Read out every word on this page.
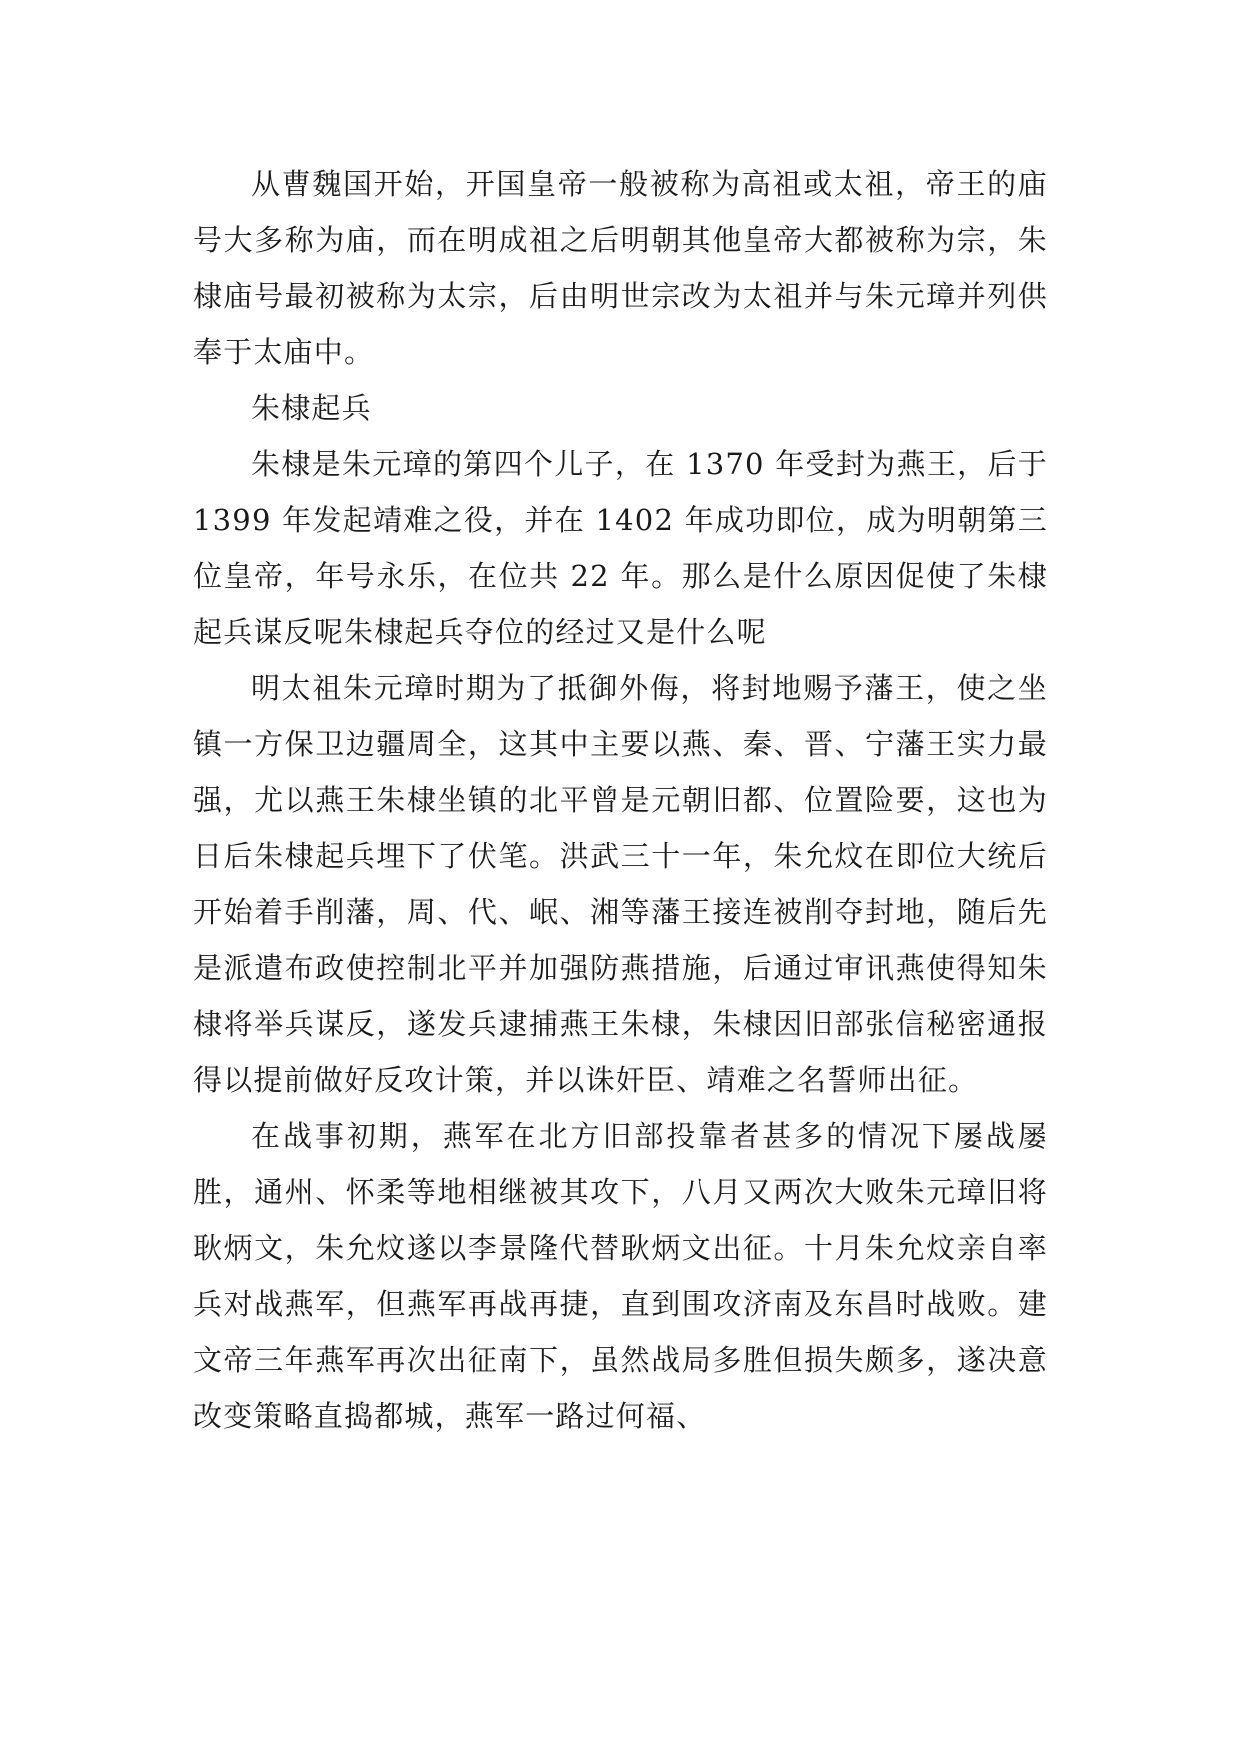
从曹魏国开始，开国皇帝一般被称为高祖或太祖，帝王的庙号大多称为庙，而在明成祖之后明朝其他皇帝大都被称为宗，朱棣庙号最初被称为太宗，后由明世宗改为太祖并与朱元璋并列供奉于太庙中。

朱棣起兵

朱棣是朱元璋的第四个儿子，在 1370 年受封为燕王，后于 1399 年发起靖难之役，并在 1402 年成功即位，成为明朝第三位皇帝，年号永乐，在位共 22 年。那么是什么原因促使了朱棣起兵谋反呢朱棣起兵夺位的经过又是什么呢

明太祖朱元璋时期为了抵御外侮，将封地赐予藩王，使之坐镇一方保卫边疆周全，这其中主要以燕、秦、晋、宁藩王实力最强，尤以燕王朱棣坐镇的北平曾是元朝旧都、位置险要，这也为日后朱棣起兵埋下了伏笔。洪武三十一年，朱允炆在即位大统后开始着手削藩，周、代、岷、湘等藩王接连被削夺封地，随后先是派遣布政使控制北平并加强防燕措施，后通过审讯燕使得知朱棣将举兵谋反，遂发兵逮捕燕王朱棣，朱棣因旧部张信秘密通报得以提前做好反攻计策，并以诛奸臣、靖难之名誓师出征。

在战事初期，燕军在北方旧部投靠者甚多的情况下屡战屡胜，通州、怀柔等地相继被其攻下，八月又两次大败朱元璋旧将耿炳文，朱允炆遂以李景隆代替耿炳文出征。十月朱允炆亲自率兵对战燕军，但燕军再战再捷，直到围攻济南及东昌时战败。建文帝三年燕军再次出征南下，虽然战局多胜但损失颇多，遂决意改变策略直捣都城，燕军一路过何福、
